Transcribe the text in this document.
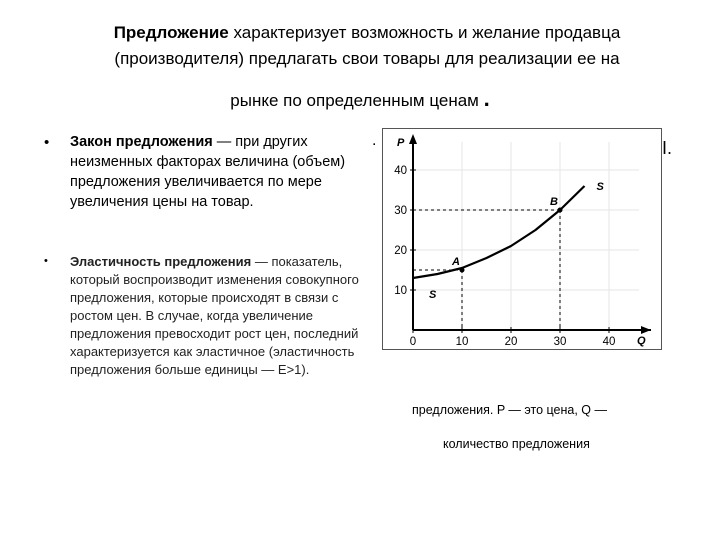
Предложение характеризует возможность и желание продавца
(производителя) предлагать свои товары для реализации ее на
рынке по определенным ценам .
• Закон предложения — при других неизменных факторах величина (объем) предложения увеличивается по мере увеличения цены на товар.
• Эластичность предложения — показатель, который воспроизводит изменения совокупного предложения, которые происходят в связи с ростом цен. В случае, когда увеличение предложения превосходит рост цен, последний характеризуется как эластичное (эластичность предложения больше единицы — E>1).
.	I.
0	10	20	30	40
10
20
30
40
P
Q
A
B
S
S
предложения. P — это цена, Q —
количество предложения
